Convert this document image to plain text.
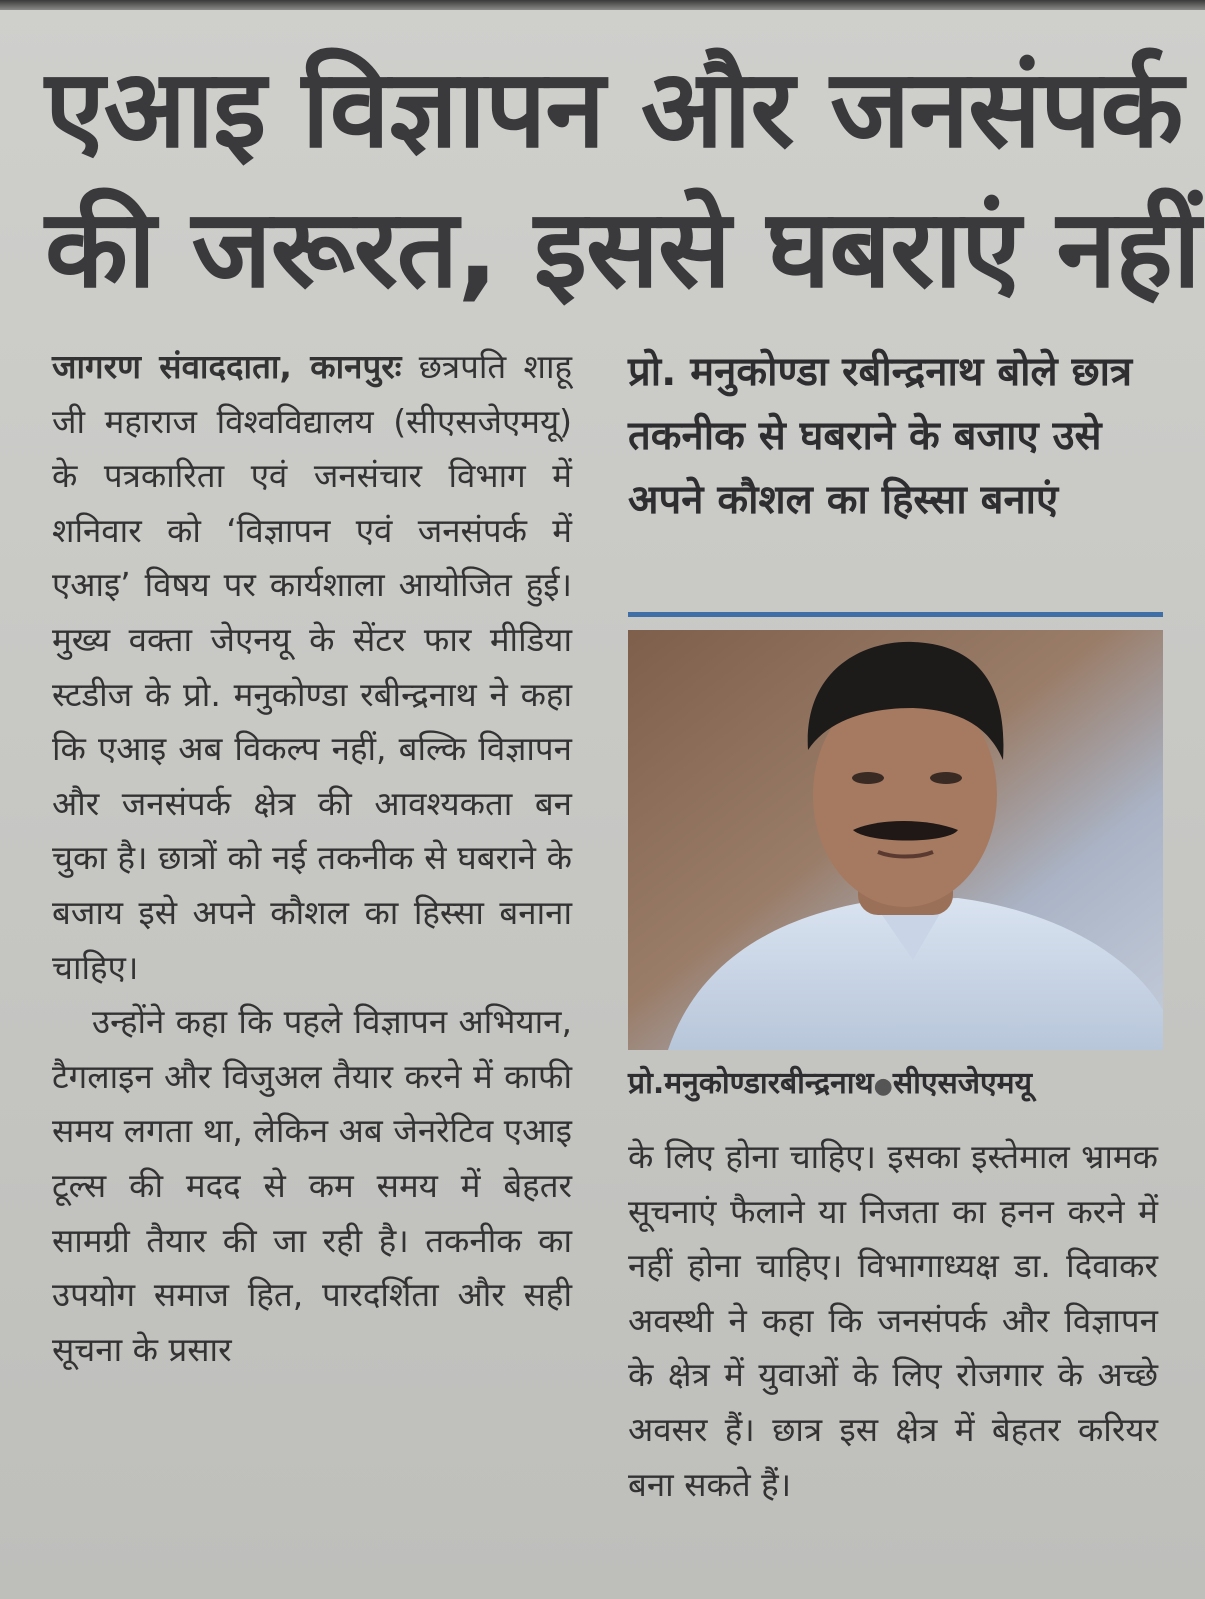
एआइ विज्ञापन और जनसंपर्क
की जरूरत, इससे घबराएं नहीं

जागरण संवाददाता, कानपुरः छत्रपति शाहू जी महाराज विश्वविद्यालय (सीएसजेएमयू) के पत्रकारिता एवं जनसंचार विभाग में शनिवार को ‘विज्ञापन एवं जनसंपर्क में एआइ’ विषय पर कार्यशाला आयोजित हुई। मुख्य वक्ता जेएनयू के सेंटर फार मीडिया स्टडीज के प्रो. मनुकोण्डा रबीन्द्रनाथ ने कहा कि एआइ अब विकल्प नहीं, बल्कि विज्ञापन और जनसंपर्क क्षेत्र की आवश्यकता बन चुका है। छात्रों को नई तकनीक से घबराने के बजाय इसे अपने कौशल का हिस्सा बनाना चाहिए।

उन्होंने कहा कि पहले विज्ञापन अभियान, टैगलाइन और विजुअल तैयार करने में काफी समय लगता था, लेकिन अब जेनरेटिव एआइ टूल्स की मदद से कम समय में बेहतर सामग्री तैयार की जा रही है। तकनीक का उपयोग समाज हित, पारदर्शिता और सही सूचना के प्रसार

प्रो. मनुकोण्डा रबीन्द्रनाथ बोले छात्र तकनीक से घबराने के बजाए उसे अपने कौशल का हिस्सा बनाएं
प्रो.मनुकोण्डारबीन्द्रनाथ●सीएसजेएमयू

के लिए होना चाहिए। इसका इस्तेमाल भ्रामक सूचनाएं फैलाने या निजता का हनन करने में नहीं होना चाहिए। विभागाध्यक्ष डा. दिवाकर अवस्थी ने कहा कि जनसंपर्क और विज्ञापन के क्षेत्र में युवाओं के लिए रोजगार के अच्छे अवसर हैं। छात्र इस क्षेत्र में बेहतर करियर बना सकते हैं।
